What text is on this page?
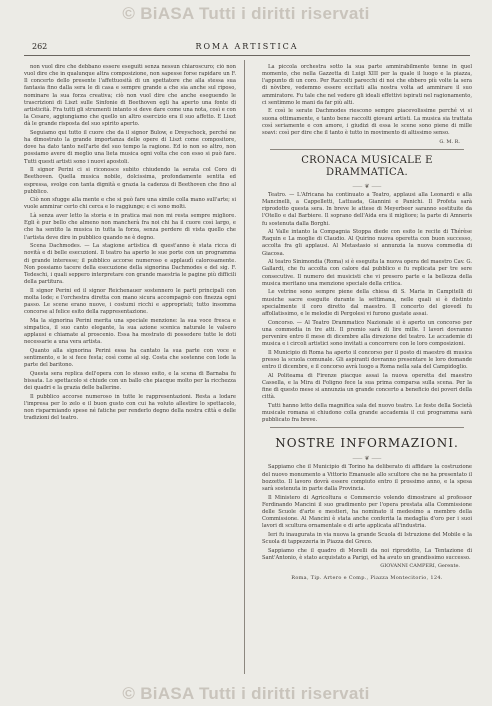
© BiASA Tutti i diritti riservati
262	ROMA ARTISTICA

non vuol dire che debbano essere eseguiti senza nessun chiaroscuro; ciò non vuol dire che in qualunque altra composizione, non sapesse forse rapidare un F. Il concerto dello presente l'affettuosità di un spettatore che alla stessa sua fantasia fino dalla sera le di casa e sempre grande a che sia anche sul riposo, nominare la sua forza creativa; ciò non vuol dire che anche eseguendo le trascrizioni di Liszt sulle Sinfonie di Beethoven egli ha aperto una fonte di artisticità. Fra tutti gli strumenti intanto si deve dare come una nota, così e con la Cesare, aggiungiamo che quello un altro esercizio era il suo affetto. E Liszt dà le grande risposta del suo spirito aperto.

Seguiamo qui tutto il cuore che da il signor Bulow, e Dreyschock, perché ne ha dimostrato la grande importanza delle opere di Liszt come compositore, dove ha dato tanto nell'arte del suo tempo la ragione. Ed io non so altro, non possiamo avere di meglio una lieta musica ogni volta che con esso si può fare. Tutti questi artisti sono i nuovi apostoli.

Il signor Perini ci si riconosce subito chiudendo la serata col Coro di Beethoven. Quella musica nobile, dolcissima, profondamente sentita ed espressa, svolge con tanta dignità e grazia la cadenza di Beethoven che fino al pubblico.

Ciò non sfugge alla mente e che si può fare una simile colla mano sull'arte; si vuole ammirar certo chi cerca e lo raggiunge; e ci sono molti.

Là senza aver letto la storia e in pratica mai non mi resta sempre migliore. Egli è pur bello che almeno non mancherà fra noi chi ha il cuore così largo, e che ha sentito la musica in tutta la forza, senza perdere di vista quello che l'artista deve dire in pubblico quando ne è degno.

Scena Dachmodes. — La stagione artistica di quest'anno è stata ricca di novità e di belle esecuzioni. Il teatro ha aperto le sue porte con un programma di grande interesse; il pubblico accorse numeroso e applaudì calorosamente. Non possiamo tacere della esecuzione della signorina Dachmodes e del sig. F. Tedeschi, i quali seppero interpretare con grande maestria le pagine più difficili della partitura.

Il signor Perini ed il signor Reichenauer sostennero le parti principali con molta lode; e l'orchestra diretta con mano sicura accompagnò con finezza ogni passo. Le scene erano nuove, i costumi ricchi e appropriati; tutto insomma concorse al felice esito della rappresentazione.

Ma la signorina Perini merita una speciale menzione: la sua voce fresca e simpatica, il suo canto elegante, la sua azione scenica naturale le valsero applausi e chiamate al proscenio. Essa ha mostrato di possedere tutte le doti necessarie a una vera artista.

Quanto alla signorina Perini essa ha cantato la sua parte con voce e sentimento, e le si fece festa; così come al sig. Costa che sostenne con lode la parte del baritono.

Questa sera replica dell'opera con lo stesso esito, e la scena di Barnaba fu bissata. Lo spettacolo si chiude con un ballo che piacque molto per la ricchezza dei quadri e la grazia delle ballerine.

Il pubblico accorse numeroso in tutte le rappresentazioni. Resta a lodare l'impresa per lo zelo e il buon gusto con cui ha voluto allestire lo spettacolo, non risparmiando spese né fatiche per renderlo degno della nostra città e delle tradizioni del teatro.

La piccola orchestra sotto la sua parte ammirabilmente tenne in quel momento, che nella Gazzetta di Luigi XIII per la quale il luogo e la piazza, l'appunto di un coro. Per Raccolti parecchi di noi che ebbero più volte la sera di nòvibre, vedemmo essere eccitati alla nostra volta ad ammirare il suo ammiratore. Fu tale che nel vedere gli ideali effettivi ispirati nel ragionamento, ci sentimmo le mani da far più alti.

E così le serate Dachmodes riescono sempre piacevolissime perché vi si suona ottimamente, e tanto bene raccolti giovani artisti. La musica sia trattata così seriamente e con amore, i giudizi di essa le scene sono piene di mille soavi: così per dire che il tanto è tutto in movimento di altissimo senso.

G. M. R.
CRONACA MUSICALE E DRAMMATICA.
⸺ ❦ ⸺

Teatro. — L'Africana ha continuato a Teatro, applausi alla Leonardi e alla Mancinelli, a Cappelletti, Lattuada, Giannini e Panichi. Il Profeta sarà riprodotto questa sera. In breve le attese di Meyerbeer saranno sostituite da l'Otello e dal Barbiere. Il soprano dell'Aida era il migliore; la parte di Amneris fu sostenuta dalla Borghi.

Al Valle intanto la Compagnia Stoppa diede con esito le recite di Thérèse Raquin e La moglie di Claudio. Al Quirino nuova operetta con buon successo, accolta fra gli applausi. Al Metastasio si annunzia la nuova commedia di Giacosa.

Al teatro Sinimondia (Roma) si è eseguita la nuova opera del maestro Cav. G. Gallardi, che fu accolta con calore dal pubblico e fu replicata per tre sere consecutive. Il numero dei musicisti che vi presero parte e la bellezza della musica meritano una menzione speciale della critica.

Le vetrine sono sempre piene della chiesa di S. Maria in Campitelli di musiche sacre eseguite durante la settimana, nelle quali si è distinto specialmente il coro diretto dal maestro. Il concerto del giovedì fu affollatissimo, e le melodie di Pergolesi vi furono gustate assai.

Concorso. — Al Teatro Drammatico Nazionale si è aperto un concorso per una commedia in tre atti. Il premio sarà di lire mille. I lavori dovranno pervenire entro il mese di dicembre alla direzione del teatro. Le accademie di musica e i circoli artistici sono invitati a concorrere con le loro composizioni.

Il Municipio di Roma ha aperto il concorso per il posto di maestro di musica presso la scuola comunale. Gli aspiranti dovranno presentare le loro domande entro il dicembre, e il concorso avrà luogo a Roma nella sala del Campidoglio.

Al Politeama di Firenze piacque assai la nuova operetta del maestro Cassella, e la Mira di Foligno fece la sua prima comparsa sulla scena. Per la fine di questo mese si annunzia un grande concerto a beneficio dei poveri della città.

Tutti hanno letto della magnifica sala del nuovo teatro. Le feste della Società musicale romana si chiudono colla grande accademia il cui programma sarà pubblicato fra breve.

NOSTRE INFORMAZIONI.
⸺ ❦ ⸺

Sappiamo che il Municipio di Torino ha deliberato di affidare la costruzione del nuovo monumento a Vittorio Emanuele allo scultore che ne ha presentato il bozzetto. Il lavoro dovrà essere compiuto entro il prossimo anno, e la spesa sarà sostenuta in parte dalla Provincia.

Il Ministero di Agricoltura e Commercio volendo dimostrare al professor Ferdinando Mancini il suo gradimento per l'opera prestata alla Commissione delle Scuole d'arte e mestieri, ha nominato il medesimo a membro della Commissione. Al Mancini è stata anche conferita la medaglia d'oro per i suoi lavori di scultura ornamentale e di arte applicata all'industria.

Ieri fu inaugurata in via nuova la grande Scuola di Istruzione del Mobile e la Scuola di tappezzeria in Piazza del Greco.

Sappiamo che il quadro di Morelli da noi riprodotto, La Tentazione di Sant'Antonio, è stato acquistato a Parigi, ed ha avuto un grandissimo successo.

GIOVANNI CAMPERI, Gerente.
Roma, Tip. Artero e Comp., Piazza Montecitorio, 124.
© BiASA Tutti i diritti riservati
